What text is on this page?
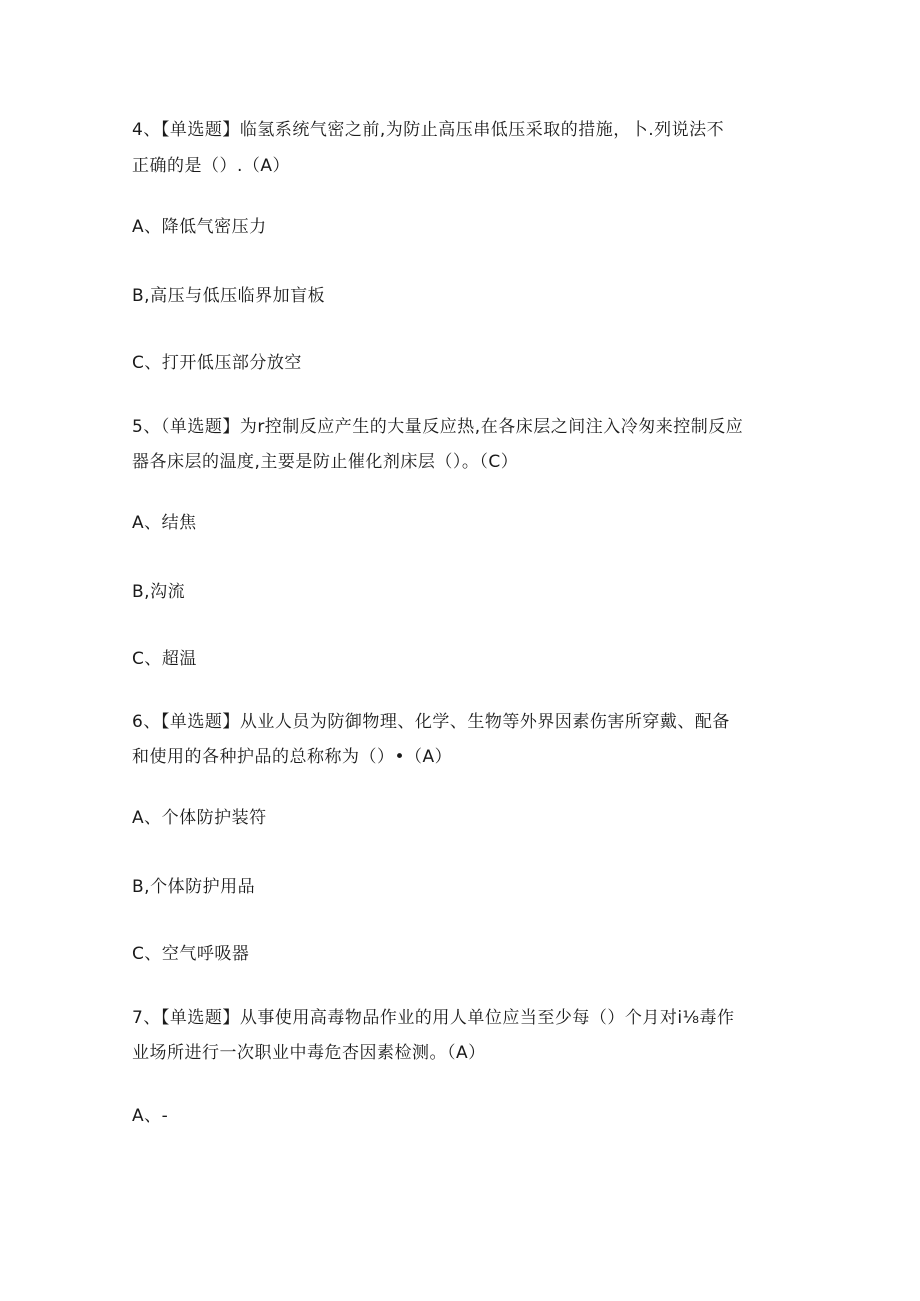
4、【单选题】临氢系统气密之前,为防止高压串低压采取的措施，卜.列说法不
正确的是（）.（A）
A、降低气密压力
B,高压与低压临界加盲板
C、打开低压部分放空
5、（单选题】为r控制反应产生的大量反应热,在各床层之间注入冷匆来控制反应
器各床层的温度,主要是防止催化剂床层（）。（C）
A、结焦
B,沟流
C、超温
6、【单选题】从业人员为防御物理、化学、生物等外界因素伤害所穿戴、配备
和使用的各种护品的总称称为（）•（A）
A、个体防护装符
B,个体防护用品
C、空气呼吸器
7、【单选题】从事使用高毒物品作业的用人单位应当至少每（）个月对i⅛毒作
业场所进行一次职业中毒危杏因素检测。（A）
A、-
